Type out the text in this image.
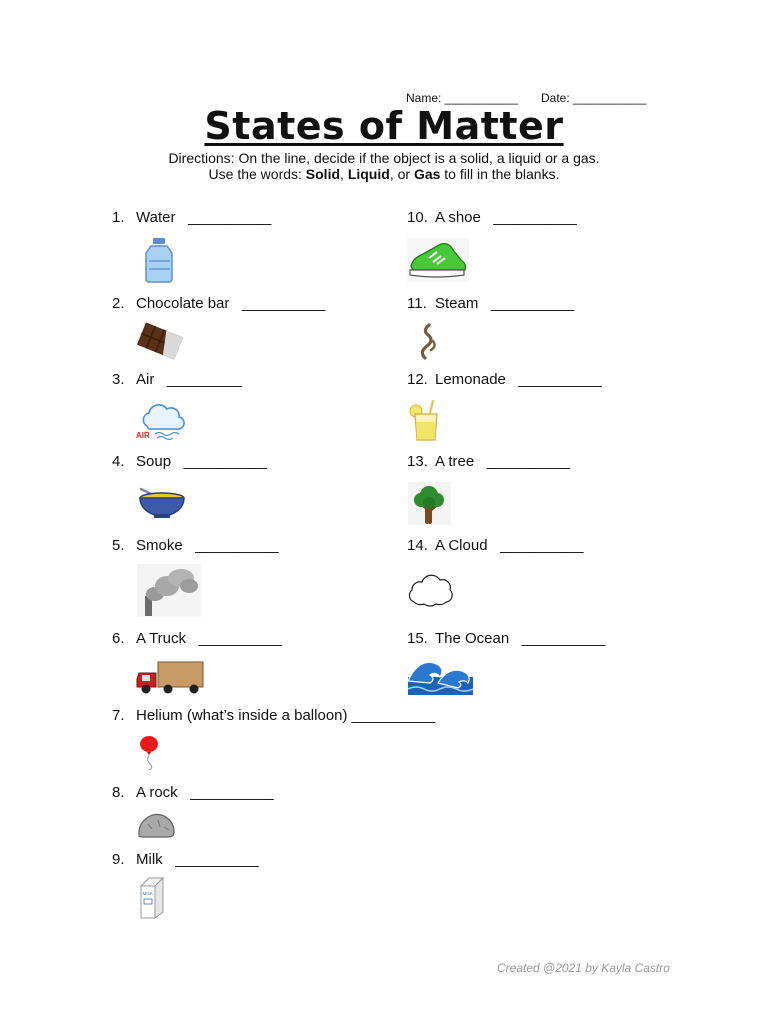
Name: ___________ Date: ___________
States of Matter
Directions: On the line, decide if the object is a solid, a liquid or a gas.
Use the words: Solid, Liquid, or Gas to fill in the blanks.
1. Water __________
2. Chocolate bar __________
3. Air _________
AIR
4. Soup __________
5. Smoke __________
6. A Truck __________
7. Helium (what’s inside a balloon) __________
8. A rock __________
9. Milk __________
MILK
10. A shoe __________
11. Steam __________
12. Lemonade __________
13. A tree __________
14. A Cloud __________
15. The Ocean __________
Created @2021 by Kayla Castro
